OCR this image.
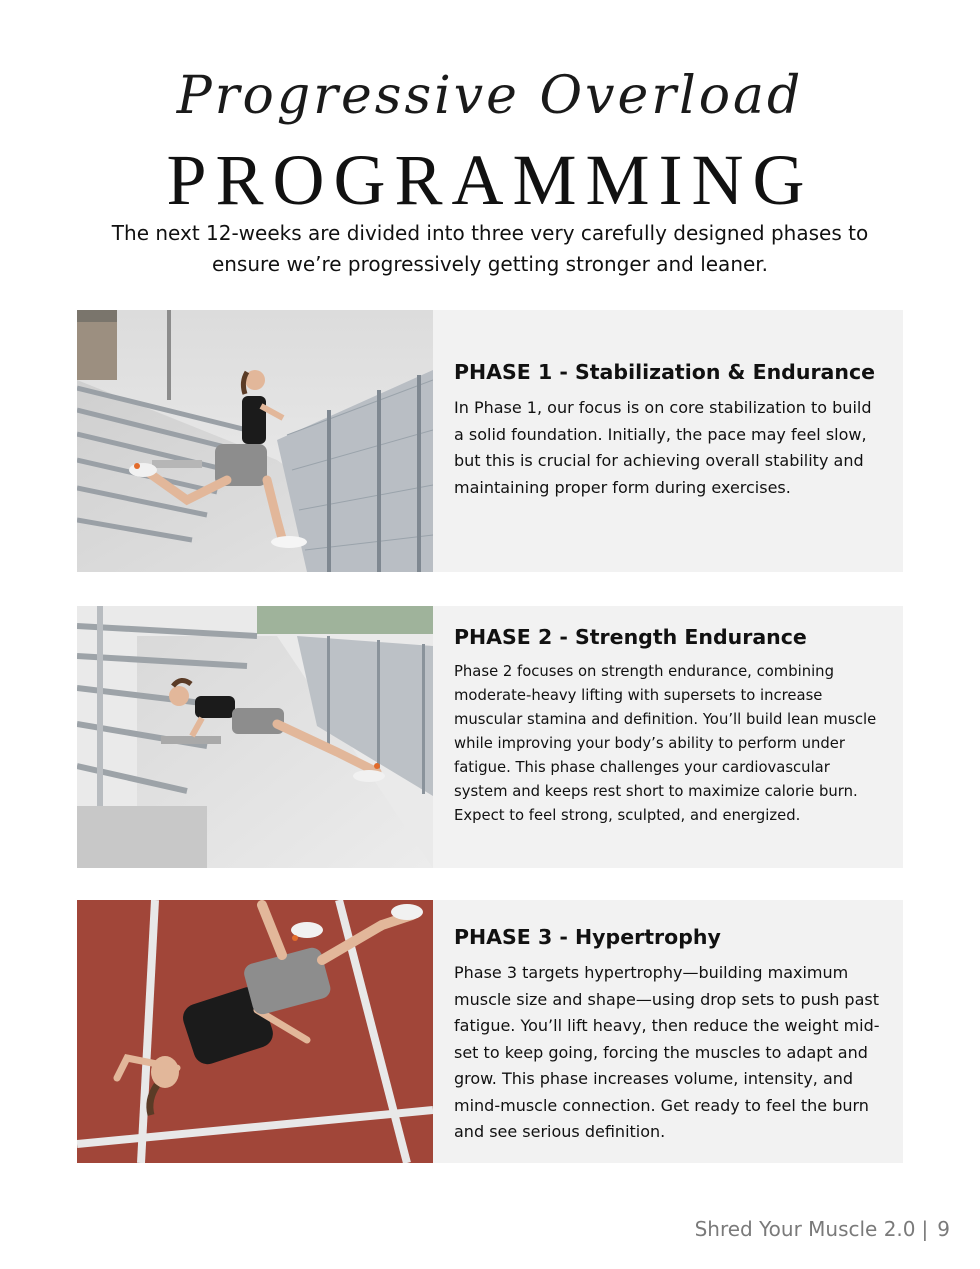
Progressive Overload
PROGRAMMING

The next 12-weeks are divided into three very carefully designed phases to ensure we’re progressively getting stronger and leaner.

PHASE 1 - Stabilization & Endurance

In Phase 1, our focus is on core stabilization to build a solid foundation. Initially, the pace may feel slow, but this is crucial for achieving overall stability and maintaining proper form during exercises.

PHASE 2 - Strength Endurance

Phase 2 focuses on strength endurance, combining moderate-heavy lifting with supersets to increase muscular stamina and definition. You’ll build lean muscle while improving your body’s ability to perform under fatigue. This phase challenges your cardiovascular system and keeps rest short to maximize calorie burn. Expect to feel strong, sculpted, and energized.

PHASE 3 - Hypertrophy

Phase 3 targets hypertrophy—building maximum muscle size and shape—using drop sets to push past fatigue. You’ll lift heavy, then reduce the weight mid-set to keep going, forcing the muscles to adapt and grow. This phase increases volume, intensity, and mind-muscle connection. Get ready to feel the burn and see serious definition.

Shred Your Muscle 2.0 | 9
